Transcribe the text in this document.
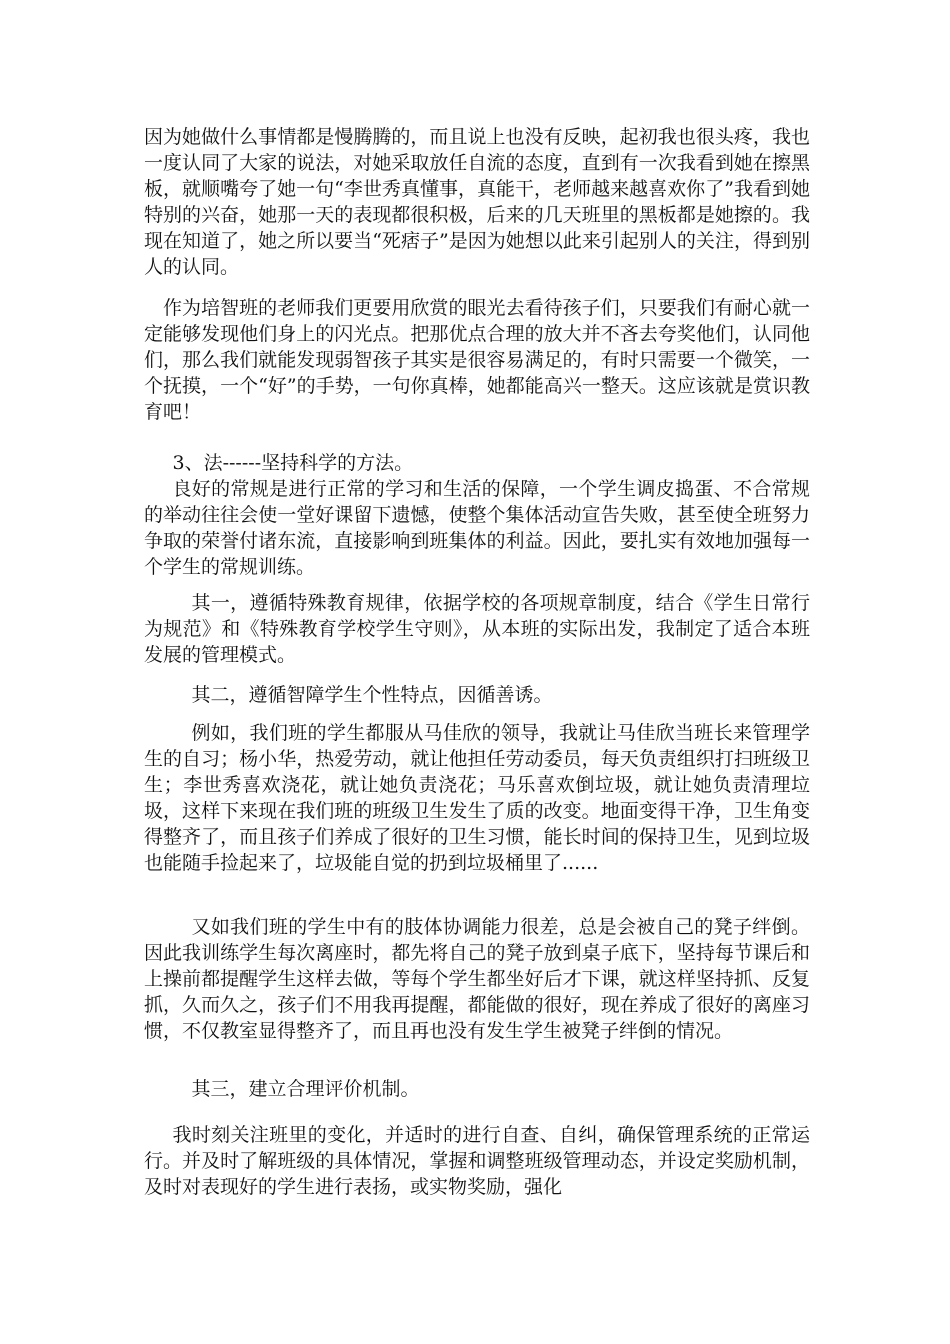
因为她做什么事情都是慢腾腾的，而且说上也没有反映，起初我也很头疼，我也一度认同了大家的说法，对她采取放任自流的态度，直到有一次我看到她在擦黑板，就顺嘴夸了她一句“李世秀真懂事，真能干，老师越来越喜欢你了”我看到她特别的兴奋，她那一天的表现都很积极，后来的几天班里的黑板都是她擦的。我现在知道了，她之所以要当“死痞子”是因为她想以此来引起别人的关注，得到别人的认同。

作为培智班的老师我们更要用欣赏的眼光去看待孩子们，只要我们有耐心就一定能够发现他们身上的闪光点。把那优点合理的放大并不吝去夸奖他们，认同他们，那么我们就能发现弱智孩子其实是很容易满足的，有时只需要一个微笑，一个抚摸，一个“好”的手势，一句你真棒，她都能高兴一整天。这应该就是赏识教育吧！

3、法------坚持科学的方法。
良好的常规是进行正常的学习和生活的保障，一个学生调皮捣蛋、不合常规的举动往往会使一堂好课留下遗憾，使整个集体活动宣告失败，甚至使全班努力争取的荣誉付诸东流，直接影响到班集体的利益。因此，要扎实有效地加强每一个学生的常规训练。

其一，遵循特殊教育规律，依据学校的各项规章制度，结合《学生日常行为规范》和《特殊教育学校学生守则》，从本班的实际出发，我制定了适合本班发展的管理模式。

其二，遵循智障学生个性特点，因循善诱。

例如，我们班的学生都服从马佳欣的领导，我就让马佳欣当班长来管理学生的自习；杨小华，热爱劳动，就让他担任劳动委员，每天负责组织打扫班级卫生；李世秀喜欢浇花，就让她负责浇花；马乐喜欢倒垃圾，就让她负责清理垃圾，这样下来现在我们班的班级卫生发生了质的改变。地面变得干净，卫生角变得整齐了，而且孩子们养成了很好的卫生习惯，能长时间的保持卫生，见到垃圾也能随手捡起来了，垃圾能自觉的扔到垃圾桶里了......

又如我们班的学生中有的肢体协调能力很差，总是会被自己的凳子绊倒。因此我训练学生每次离座时，都先将自己的凳子放到桌子底下，坚持每节课后和上操前都提醒学生这样去做，等每个学生都坐好后才下课，就这样坚持抓、反复抓，久而久之，孩子们不用我再提醒，都能做的很好，现在养成了很好的离座习惯，不仅教室显得整齐了，而且再也没有发生学生被凳子绊倒的情况。

其三，建立合理评价机制。

我时刻关注班里的变化，并适时的进行自查、自纠，确保管理系统的正常运行。并及时了解班级的具体情况，掌握和调整班级管理动态，并设定奖励机制，及时对表现好的学生进行表扬，或实物奖励，强化
